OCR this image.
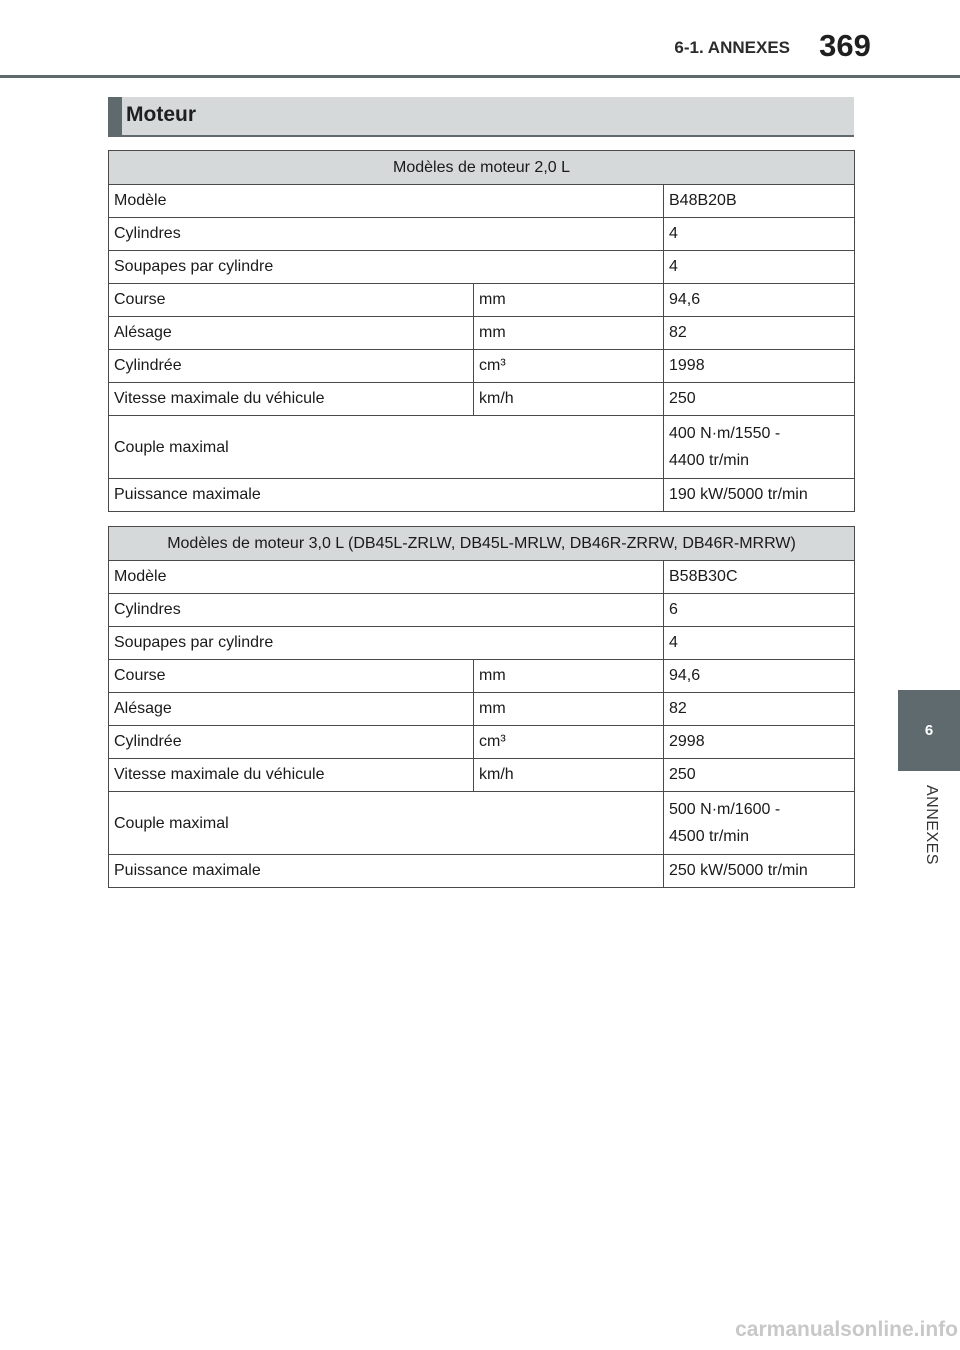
6-1. ANNEXES 369
Moteur
Modèles de moteur 2,0 L		
Modèle		B48B20B
Cylindres		4
Soupapes par cylindre		4
Course	mm	94,6
Alésage	mm	82
Cylindrée	cm³	1998
Vitesse maximale du véhicule	km/h	250
Couple maximal		400 N·m/1550 -
4400 tr/min

Puissance maximale		190 kW/5000 tr/min
Modèles de moteur 3,0 L (DB45L-ZRLW, DB45L-MRLW, DB46R-ZRRW, DB46R-MRRW)		
Modèle		B58B30C
Cylindres		6
Soupapes par cylindre		4
Course	mm	94,6
Alésage	mm	82
Cylindrée	cm³	2998
Vitesse maximale du véhicule	km/h	250
Couple maximal		500 N·m/1600 -
4500 tr/min

Puissance maximale		250 kW/5000 tr/min
6
ANNEXES
carmanualsonline.info
